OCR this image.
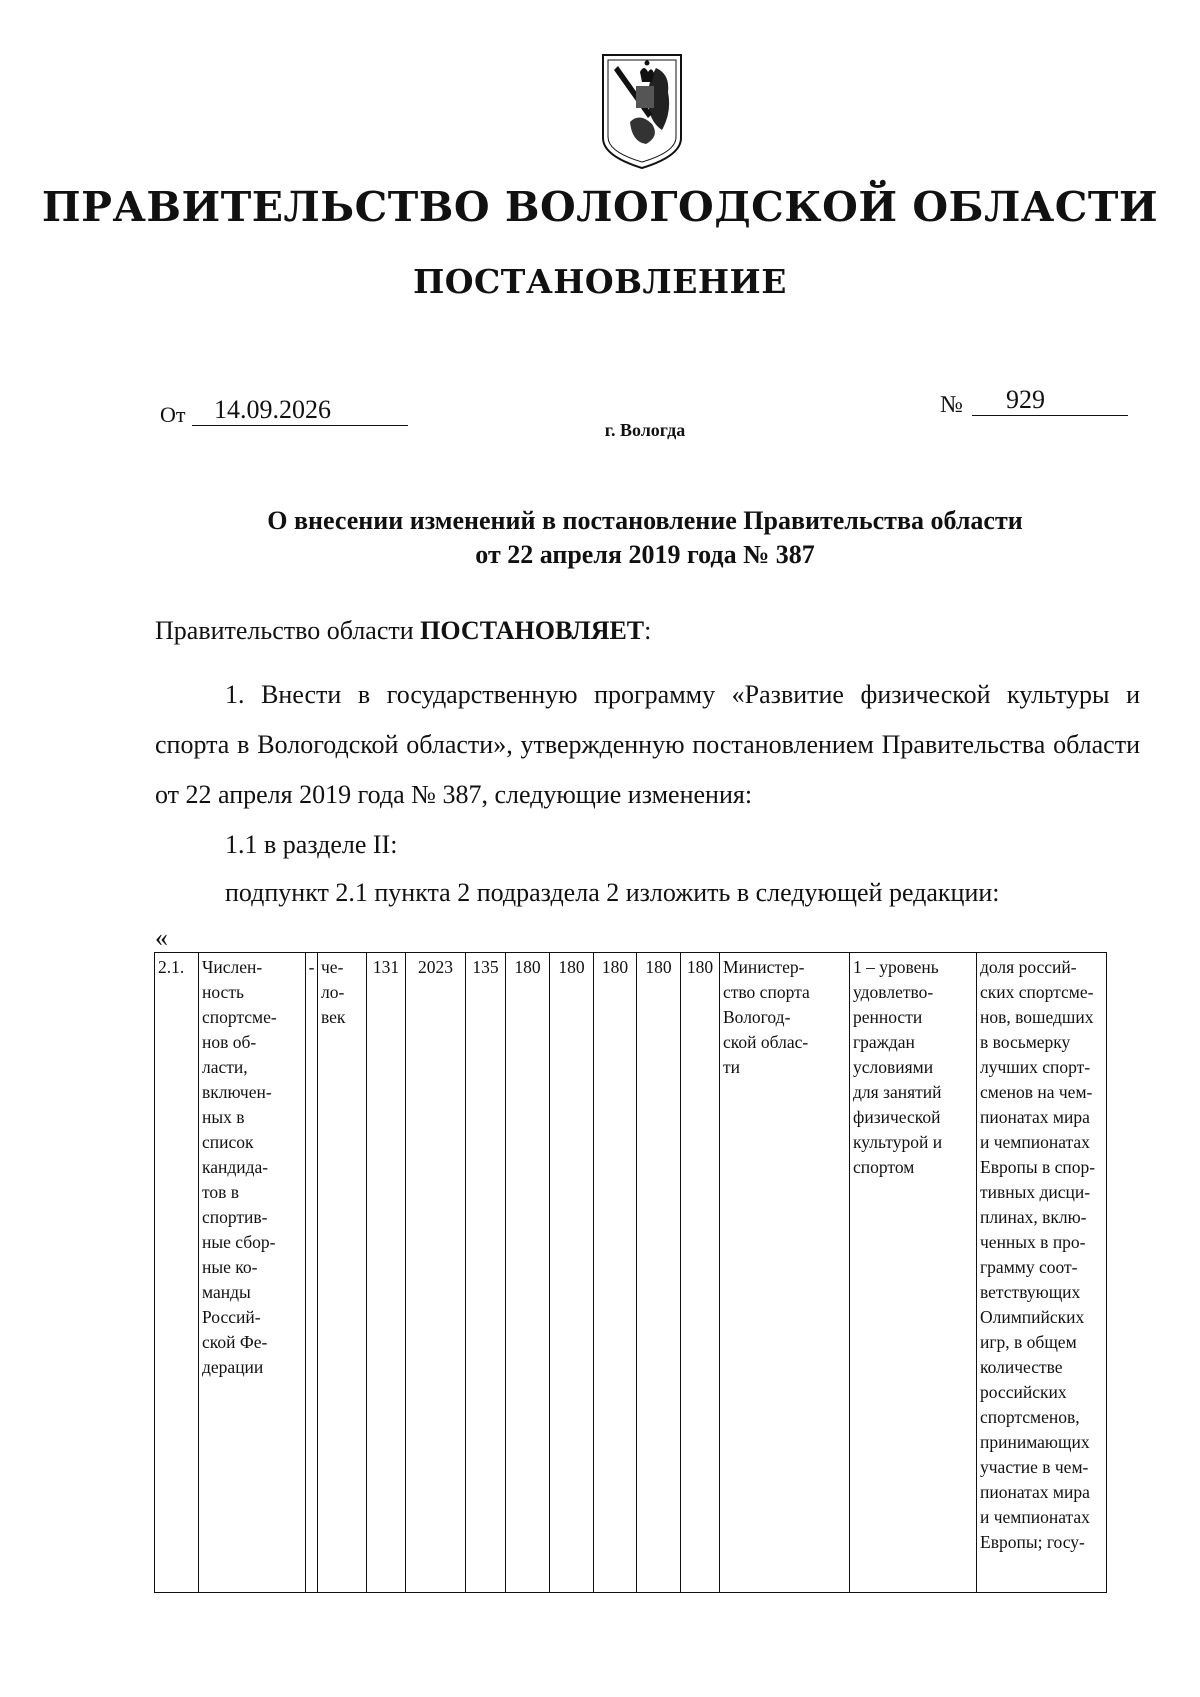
ПРАВИТЕЛЬСТВО ВОЛОГОДСКОЙ ОБЛАСТИ
ПОСТАНОВЛЕНИЕ
От	14.09.2026	№	929
г. Вологда
О внесении изменений в постановление Правительства области
от 22 апреля 2019 года № 387
Правительство области ПОСТАНОВЛЯЕТ:
1. Внести в государственную программу «Развитие физической культуры и спорта в Вологодской области», утвержденную постановлением Правительства области от 22 апреля 2019 года № 387, следующие изменения:
1.1 в разделе II:
подпункт 2.1 пункта 2 подраздела 2 изложить в следующей редакции:
«
2.1.	Числен-
ность
спортсме-
нов об-
ласти,
включен-
ных в
список
кандида-
тов в
спортив-
ные сбор-
ные ко-
манды
Россий-
ской Фе-
дерации

-	че-
ло-
век

131	2023	135	180	180	180	180	180	Министер-
ство спорта
Вологод-
ской облас-
ти

1 – уровень
удовлетво-
ренности
граждан
условиями
для занятий
физической
культурой и
спортом

доля россий-
ских спортсме-
нов, вошедших
в восьмерку
лучших спорт-
сменов на чем-
пионатах мира
и чемпионатах
Европы в спор-
тивных дисци-
плинах, вклю-
ченных в про-
грамму соот-
ветствующих
Олимпийских
игр, в общем
количестве
российских
спортсменов,
принимающих
участие в чем-
пионатах мира
и чемпионатах
Европы; госу-
